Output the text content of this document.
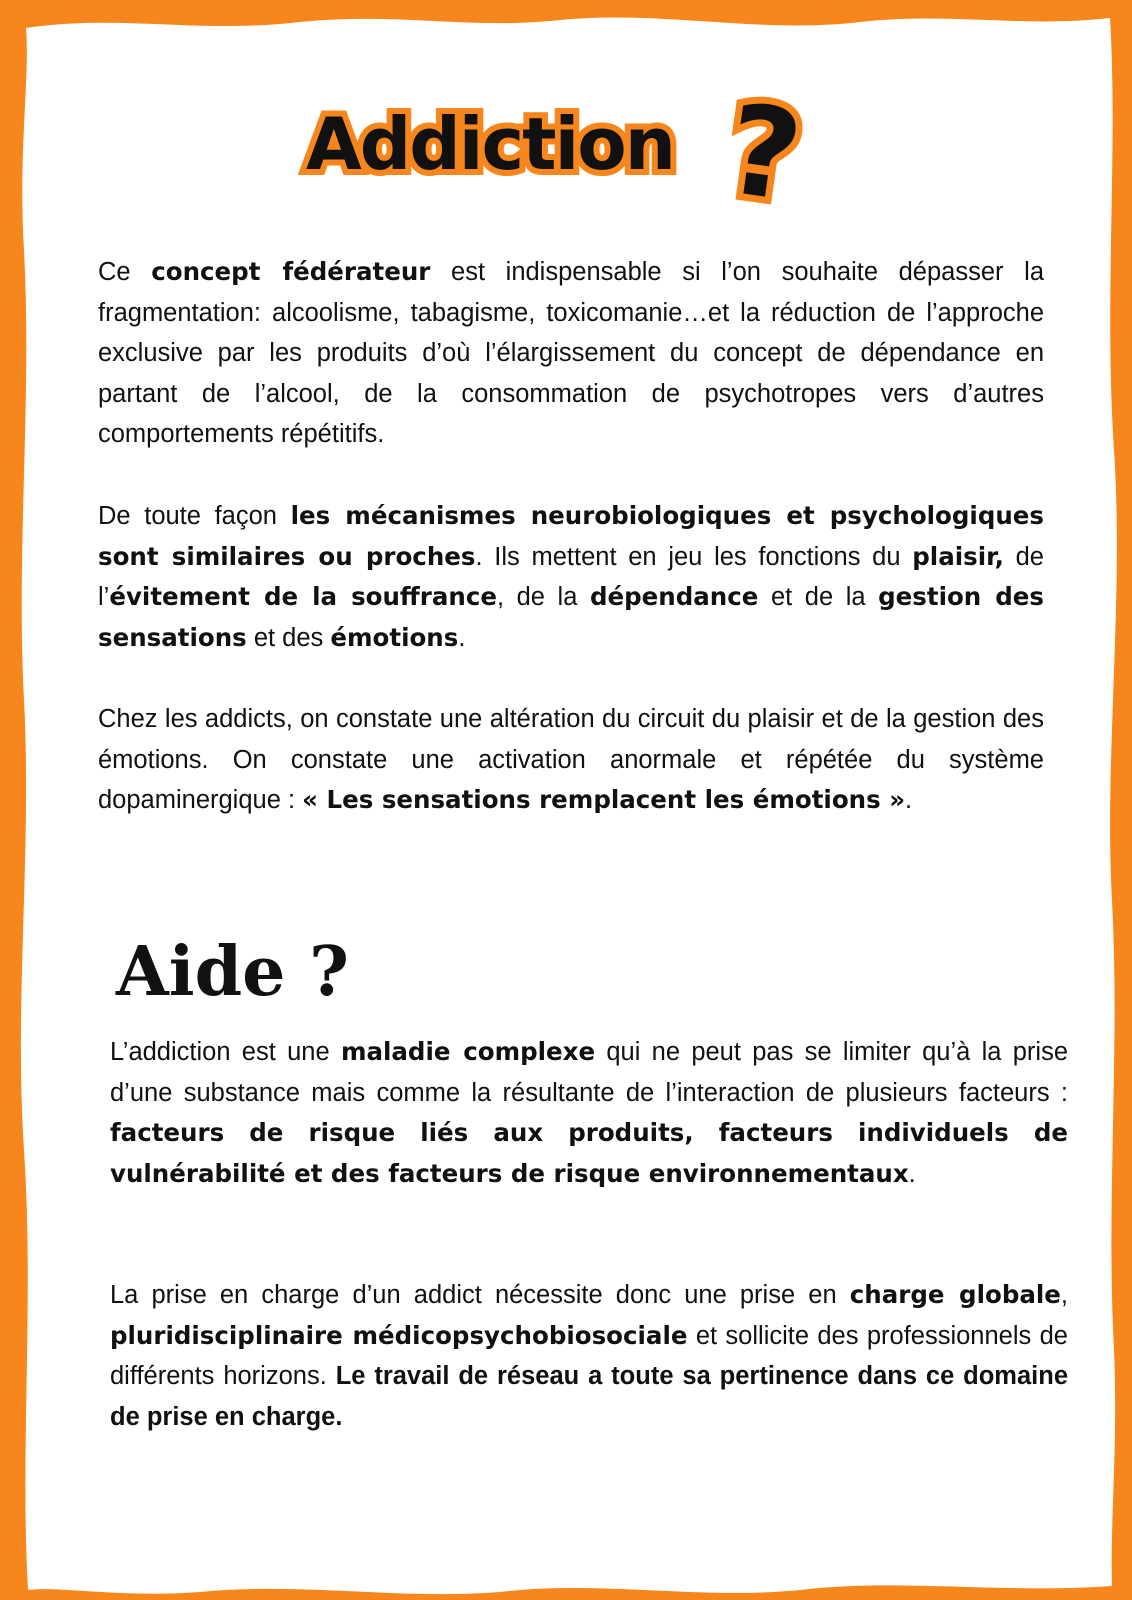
Addiction ?

Ce concept fédérateur est indispensable si l’on souhaite dépasser la fragmentation: alcoolisme, tabagisme, toxicomanie…et la réduction de l’approche exclusive par les produits d’où l’élargissement du concept de dépendance en partant de l’alcool, de la consommation de psychotropes vers d’autres comportements répétitifs.

De toute façon les mécanismes neurobiologiques et psychologiques sont similaires ou proches. Ils mettent en jeu les fonctions du plaisir, de l’évitement de la souffrance, de la dépendance et de la gestion des sensations et des émotions.

Chez les addicts, on constate une altération du circuit du plaisir et de la gestion des émotions. On constate une activation anormale et répétée du système dopaminergique : « Les sensations remplacent les émotions ».

Aide ?

L’addiction est une maladie complexe qui ne peut pas se limiter qu’à la prise d’une substance mais comme la résultante de l’interaction de plusieurs facteurs : facteurs de risque liés aux produits, facteurs individuels de vulnérabilité et des facteurs de risque environnementaux.

La prise en charge d’un addict nécessite donc une prise en charge globale, pluridisciplinaire médicopsychobiosociale et sollicite des professionnels de différents horizons. Le travail de réseau a toute sa pertinence dans ce domaine de prise en charge.
